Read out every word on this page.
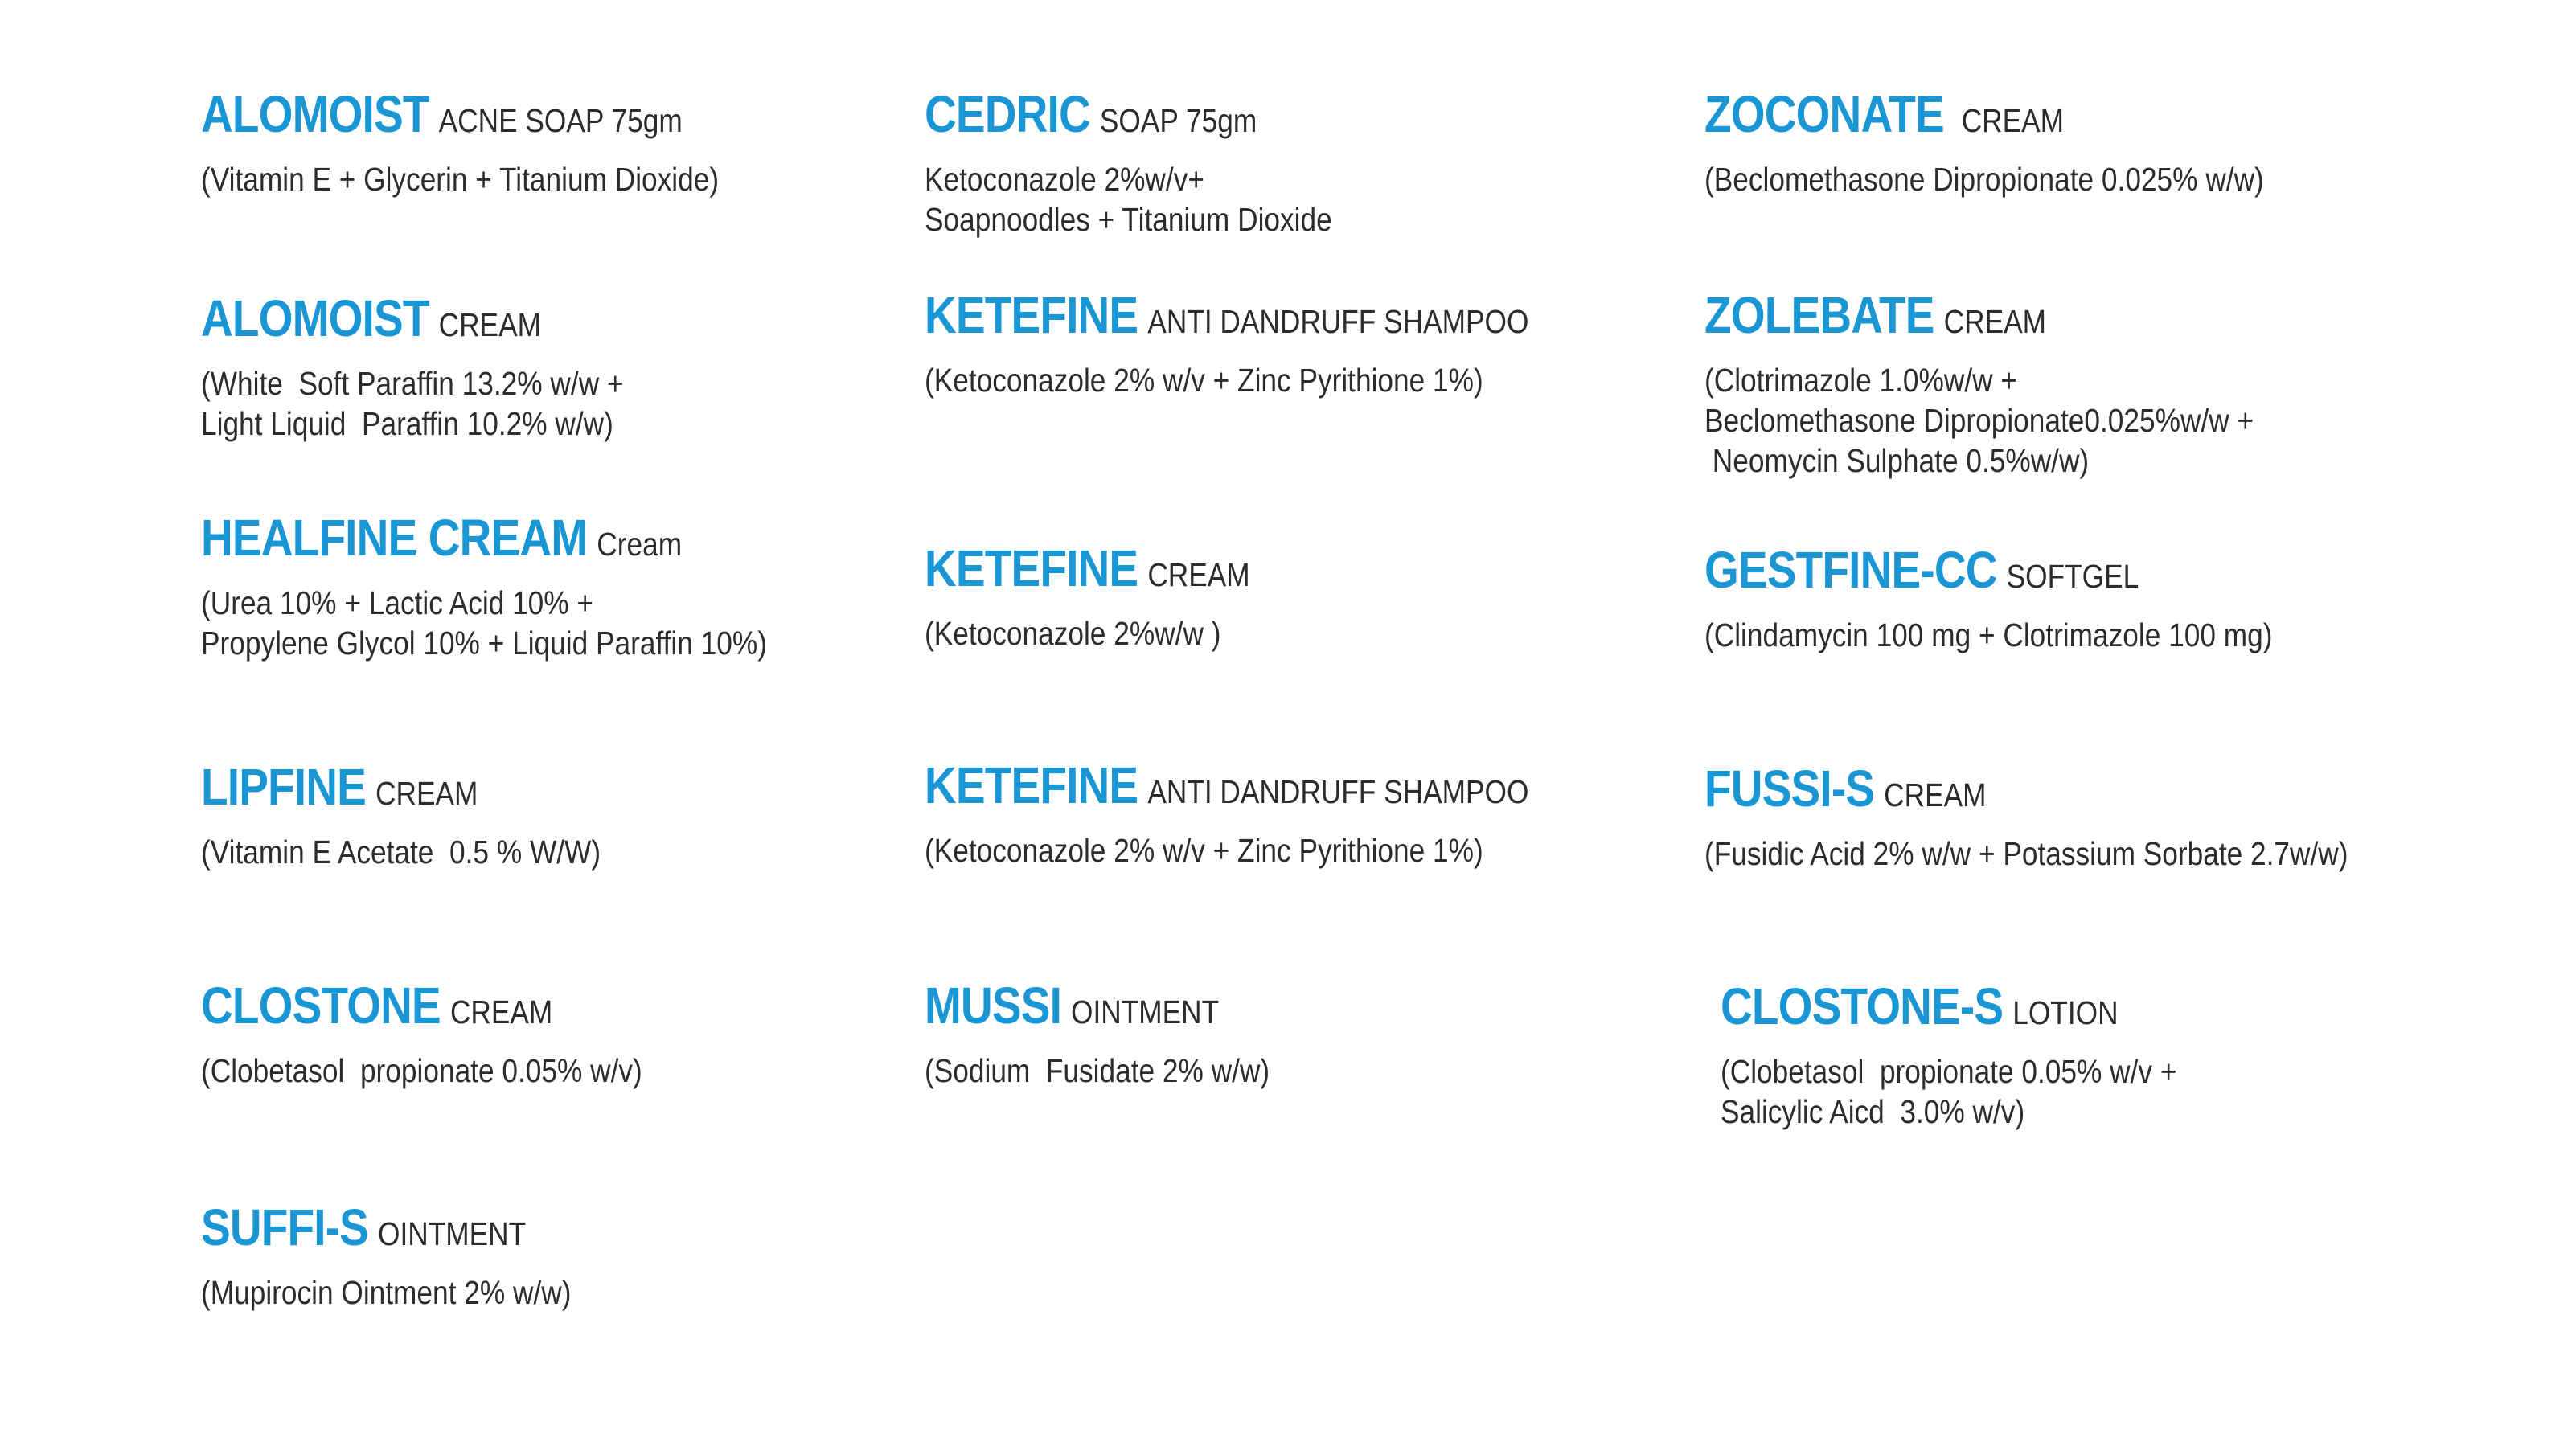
ALOMOIST ACNE SOAP 75gm
(Vitamin E + Glycerin + Titanium Dioxide)
ALOMOIST CREAM
(White  Soft Paraffin 13.2% w/w +
Light Liquid  Paraffin 10.2% w/w)
HEALFINE CREAM Cream
(Urea 10% + Lactic Acid 10% +
Propylene Glycol 10% + Liquid Paraffin 10%)
LIPFINE CREAM
(Vitamin E Acetate  0.5 % W/W)
CLOSTONE CREAM
(Clobetasol  propionate 0.05% w/v)
SUFFI-S OINTMENT
(Mupirocin Ointment 2% w/w)
CEDRIC SOAP 75gm
Ketoconazole 2%w/v+
Soapnoodles + Titanium Dioxide
KETEFINE ANTI DANDRUFF SHAMPOO
(Ketoconazole 2% w/v + Zinc Pyrithione 1%)
KETEFINE CREAM
(Ketoconazole 2%w/w )
KETEFINE ANTI DANDRUFF SHAMPOO
(Ketoconazole 2% w/v + Zinc Pyrithione 1%)
MUSSI OINTMENT
(Sodium  Fusidate 2% w/w)
ZOCONATE CREAM
(Beclomethasone Dipropionate 0.025% w/w)
ZOLEBATE CREAM
(Clotrimazole 1.0%w/w +
Beclomethasone Dipropionate0.025%w/w +
Neomycin Sulphate 0.5%w/w)
GESTFINE-CC SOFTGEL
(Clindamycin 100 mg + Clotrimazole 100 mg)
FUSSI-S CREAM
(Fusidic Acid 2% w/w + Potassium Sorbate 2.7w/w)
CLOSTONE-S LOTION
(Clobetasol  propionate 0.05% w/v +
Salicylic Aicd  3.0% w/v)
